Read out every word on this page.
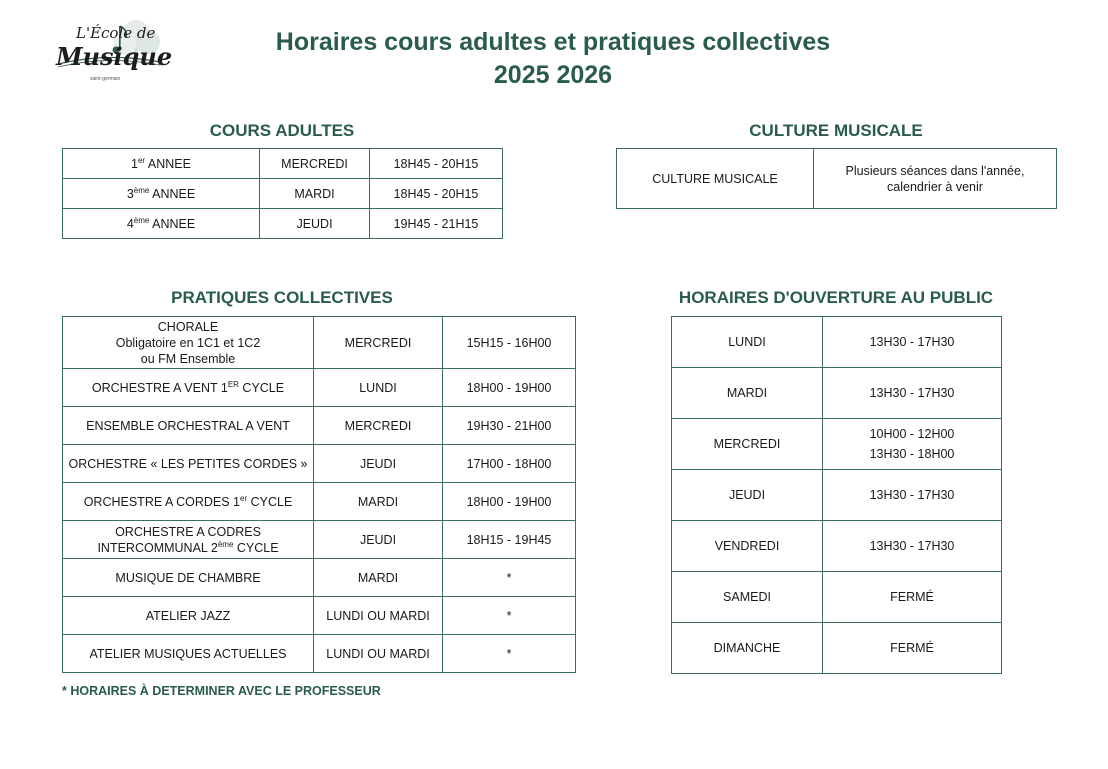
L'École de
Musique
saint-germain
Horaires cours adultes et pratiques collectives
2025 2026
COURS ADULTES
1er ANNEE	MERCREDI	18H45 - 20H15
3ème ANNEE	MARDI	18H45 - 20H15
4ème ANNEE	JEUDI	19H45 - 21H15
CULTURE MUSICALE
CULTURE MUSICALE	
Plusieurs séances dans l'année,
calendrier à venir
PRATIQUES COLLECTIVES
CHORALE
Obligatoire en 1C1 et 1C2
ou FM Ensemble	MERCREDI	15H15 - 16H00
ORCHESTRE A VENT 1ER CYCLE	LUNDI	18H00 - 19H00
ENSEMBLE ORCHESTRAL A VENT	MERCREDI	19H30 - 21H00
ORCHESTRE « LES PETITES CORDES »	JEUDI	17H00 - 18H00
ORCHESTRE A CORDES 1er CYCLE	MARDI	18H00 - 19H00

ORCHESTRE A CODRES
INTERCOMMUNAL 2ème CYCLE	JEUDI	18H15 - 19H45
MUSIQUE DE CHAMBRE	MARDI	*
ATELIER JAZZ	LUNDI OU MARDI	*
ATELIER MUSIQUES ACTUELLES	LUNDI OU MARDI	*
HORAIRES D'OUVERTURE AU PUBLIC
LUNDI	13H30 - 17H30
MARDI	13H30 - 17H30
MERCREDI	10H00 - 12H00
13H30 - 18H00

JEUDI	13H30 - 17H30
VENDREDI	13H30 - 17H30
SAMEDI	FERMÉ
DIMANCHE	FERMÉ
* HORAIRES À DETERMINER AVEC LE PROFESSEUR
